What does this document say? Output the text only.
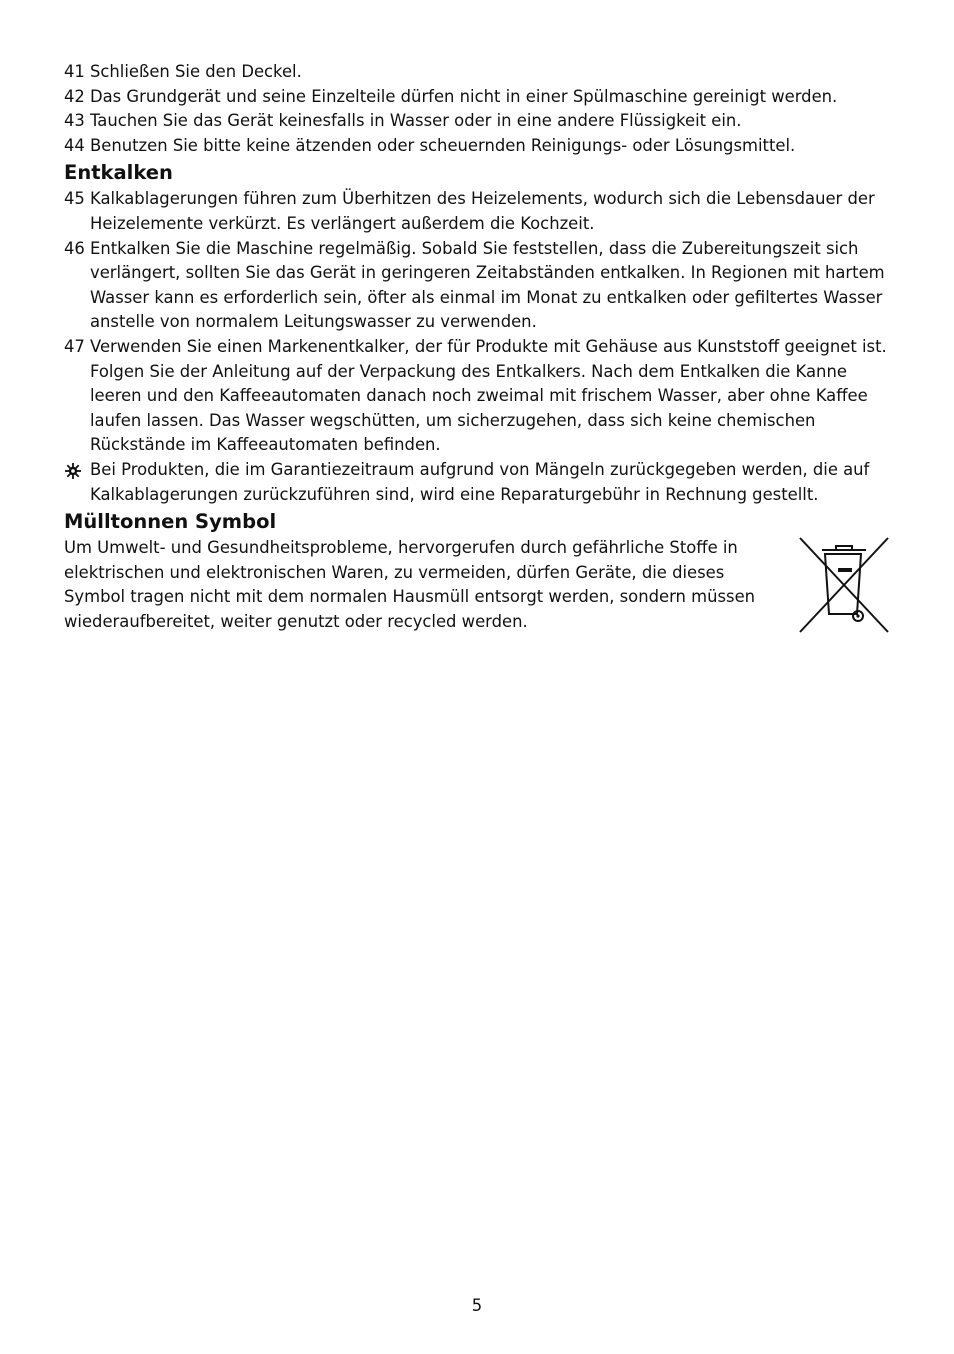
41 Schließen Sie den Deckel.
42 Das Grundgerät und seine Einzelteile dürfen nicht in einer Spülmaschine gereinigt werden.
43 Tauchen Sie das Gerät keinesfalls in Wasser oder in eine andere Flüssigkeit ein.
44 Benutzen Sie bitte keine ätzenden oder scheuernden Reinigungs- oder Lösungsmittel.
Entkalken
45 Kalkablagerungen führen zum Überhitzen des Heizelements, wodurch sich die Lebensdauer der Heizelemente verkürzt. Es verlängert außerdem die Kochzeit.
46 Entkalken Sie die Maschine regelmäßig. Sobald Sie feststellen, dass die Zubereitungszeit sich verlängert, sollten Sie das Gerät in geringeren Zeitabständen entkalken. In Regionen mit hartem Wasser kann es erforderlich sein, öfter als einmal im Monat zu entkalken oder gefiltertes Wasser anstelle von normalem Leitungswasser zu verwenden.
47 Verwenden Sie einen Markenentkalker, der für Produkte mit Gehäuse aus Kunststoff geeignet ist. Folgen Sie der Anleitung auf der Verpackung des Entkalkers. Nach dem Entkalken die Kanne leeren und den Kaffeeautomaten danach noch zweimal mit frischem Wasser, aber ohne Kaffee laufen lassen. Das Wasser wegschütten, um sicherzugehen, dass sich keine chemischen Rückstände im Kaffeeautomaten befinden.
Bei Produkten, die im Garantiezeitraum aufgrund von Mängeln zurückgegeben werden, die auf Kalkablagerungen zurückzuführen sind, wird eine Reparaturgebühr in Rechnung gestellt.
Mülltonnen Symbol
Um Umwelt- und Gesundheitsprobleme, hervorgerufen durch gefährliche Stoffe in elektrischen und elektronischen Waren, zu vermeiden, dürfen Geräte, die dieses Symbol tragen nicht mit dem normalen Hausmüll entsorgt werden, sondern müssen wiederaufbereitet, weiter genutzt oder recycled werden.
5
